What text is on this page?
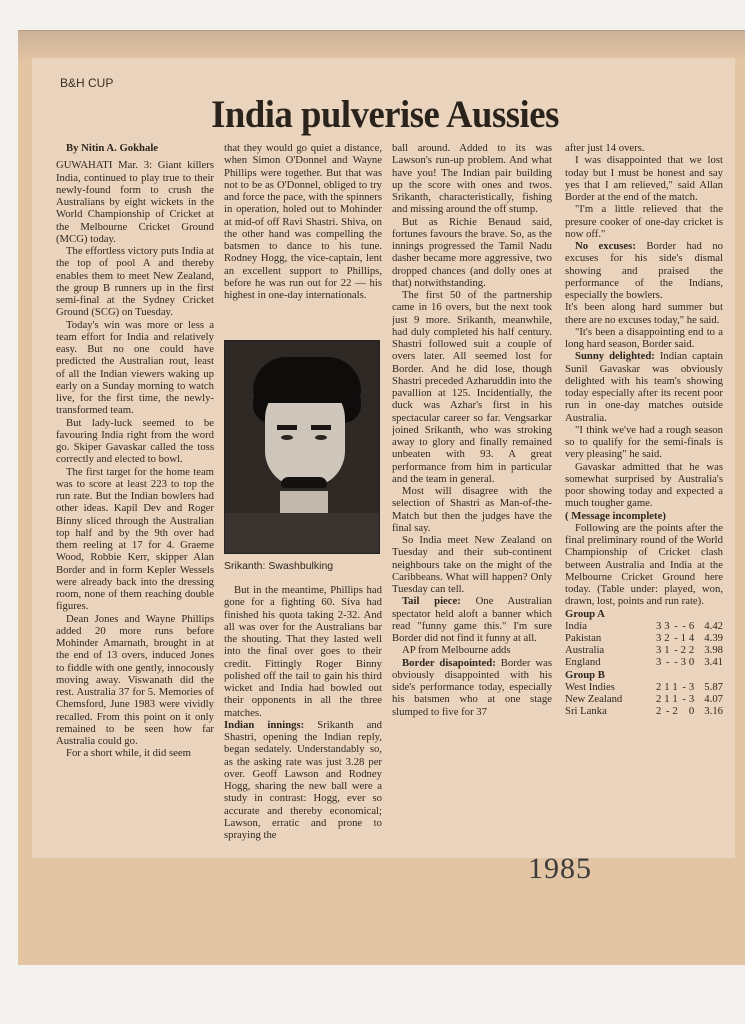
B&H CUP
India pulverise Aussies

By Nitin A. Gokhale

GUWAHATI Mar. 3: Giant killers India, continued to play true to their newly-found form to crush the Australians by eight wickets in the World Championship of Cricket at the Melbourne Cricket Ground (MCG) today.

The effortless victory puts India at the top of pool A and thereby enables them to meet New Zealand, the group B runners up in the first semi-final at the Sydney Cricket Ground (SCG) on Tuesday.

Today's win was more or less a team effort for India and relatively easy. But no one could have predicted the Australian rout, least of all the Indian viewers waking up early on a Sunday morning to watch live, for the first time, the newly-transformed team.

But lady-luck seemed to be favouring India right from the word go. Skiper Gavaskar called the toss correctly and elected to bowl.

The first target for the home team was to score at least 223 to top the run rate. But the Indian bowlers had other ideas. Kapil Dev and Roger Binny sliced through the Australian top half and by the 9th over had them reeling at 17 for 4. Graeme Wood, Robbie Kerr, skipper Alan Border and in form Kepler Wessels were already back into the dressing room, none of them reaching double figures.

Dean Jones and Wayne Phillips added 20 more runs before Mohinder Amarnath, brought in at the end of 13 overs, induced Jones to fiddle with one gently, innocously moving away. Viswanath did the rest. Australia 37 for 5. Memories of Chemsford, June 1983 were vividly recalled. From this point on it only remained to be seen how far Australia could go.

For a short while, it did seem

that they would go quiet a distance, when Simon O'Donnel and Wayne Phillips were together. But that was not to be as O'Donnel, obliged to try and force the pace, with the spinners in operation, holed out to Mohinder at mid-of off Ravi Shastri. Shiva, on the other hand was compelling the batsmen to dance to his tune. Rodney Hogg, the vice-captain, lent an excellent support to Phillips, before he was run out for 22 — his highest in one-day internationals.

Srikanth: Swashbulking

But in the meantime, Phillips had gone for a fighting 60. Siva had finished his quota taking 2-32. And all was over for the Australians bar the shouting. That they lasted well into the final over goes to their credit. Fittingly Roger Binny polished off the tail to gain his third wicket and India had bowled out their opponents in all the three matches.

Indian innings: Srikanth and Shastri, opening the Indian reply, began sedately. Understandably so, as the asking rate was just 3.28 per over. Geoff Lawson and Rodney Hogg, sharing the new ball were a study in contrast: Hogg, ever so accurate and thereby economical; Lawson, erratic and prone to spraying the

ball around. Added to its was Lawson's run-up problem. And what have you! The Indian pair building up the score with ones and twos. Srikanth, characteristically, fishing and missing around the off stump.

But as Richie Benaud said, fortunes favours the brave. So, as the innings progressed the Tamil Nadu dasher became more aggressive, two dropped chances (and dolly ones at that) notwithstanding.

The first 50 of the partnership came in 16 overs, but the next took just 9 more. Srikanth, meanwhile, had duly completed his half century. Shastri followed suit a couple of overs later. All seemed lost for Border. And he did lose, though Shastri preceded Azharuddin into the pavallion at 125. Incidentially, the duck was Azhar's first in his spectacular career so far. Vengsarkar joined Srikanth, who was stroking away to glory and finally remained unbeaten with 93. A great performance from him in particular and the team in general.

Most will disagree with the selection of Shastri as Man-of-the-Match but then the judges have the final say.

So India meet New Zealand on Tuesday and their sub-continent neighbours take on the might of the Caribbeans. What will happen? Only Tuesday can tell.

Tail piece: One Australian spectator held aloft a banner which read "funny game this." I'm sure Border did not find it funny at all.

AP from Melbourne adds

Border disapointed: Border was obviously disappointed with his side's performance today, especially his batsmen who at one stage slumped to five for 37

after just 14 overs.

I was disappointed that we lost today but I must be honest and say yes that I am relieved," said Allan Border at the end of the match.

"I'm a little relieved that the presure cooker of one-day cricket is now off."

No excuses: Border had no excuses for his side's dismal showing and praised the performance of the Indians, especially the bowlers.

It's been along hard summer but there are no excuses today," he said.

"It's been a disappointing end to a long hard season, Border said.

Sunny delighted: Indian captain Sunil Gavaskar was obviously delighted with his team's showing today especially after its recent poor run in one-day matches outside Australia.

"I think we've had a rough season so to qualify for the semi-finals is very pleasing" he said.

Gavaskar admitted that he was somewhat surprised by Australia's poor showing today and expected a much tougher game.

( Message incomplete)

Following are the points after the final preliminary round of the World Championship of Cricket clash between Australia and India at the Melbourne Cricket Ground here today. (Table under: played, won, drawn, lost, points and run rate).

Group A						
India	3	3	-	-	6	4.42
Pakistan	3	2	-	1	4	4.39
Australia	3	1	-	2	2	3.98
England	3	-	-	3	0	3.41
Group B						
West Indies	2	1	1	-	3	5.87
New Zealand	2	1	1	-	3	4.07
Sri Lanka	2	-	2		0	3.16
1985
